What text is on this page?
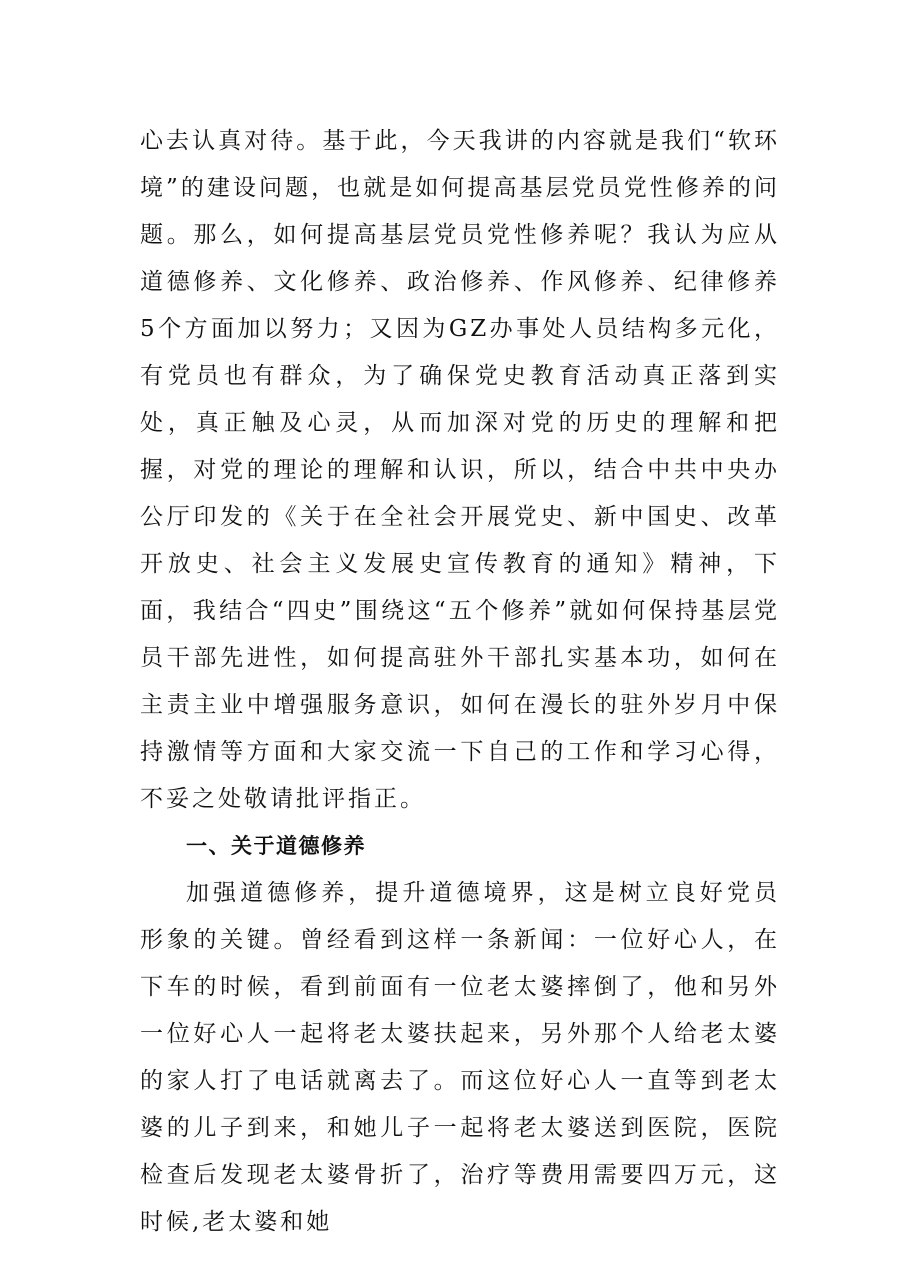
心去认真对待。基于此，今天我讲的内容就是我们“软环境”的建设问题，也就是如何提高基层党员党性修养的问题。那么，如何提高基层党员党性修养呢？我认为应从道德修养、文化修养、政治修养、作风修养、纪律修养5个方面加以努力；又因为GZ办事处人员结构多元化，有党员也有群众，为了确保党史教育活动真正落到实处，真正触及心灵，从而加深对党的历史的理解和把握，对党的理论的理解和认识，所以，结合中共中央办公厅印发的《关于在全社会开展党史、新中国史、改革开放史、社会主义发展史宣传教育的通知》精神，下面，我结合“四史”围绕这“五个修养”就如何保持基层党员干部先进性，如何提高驻外干部扎实基本功，如何在主责主业中增强服务意识，如何在漫长的驻外岁月中保持激情等方面和大家交流一下自己的工作和学习心得，不妥之处敬请批评指正。

一、关于道德修养

加强道德修养，提升道德境界，这是树立良好党员形象的关键。曾经看到这样一条新闻：一位好心人，在下车的时候，看到前面有一位老太婆摔倒了，他和另外一位好心人一起将老太婆扶起来，另外那个人给老太婆的家人打了电话就离去了。而这位好心人一直等到老太婆的儿子到来，和她儿子一起将老太婆送到医院，医院检查后发现老太婆骨折了，治疗等费用需要四万元，这时候,老太婆和她
